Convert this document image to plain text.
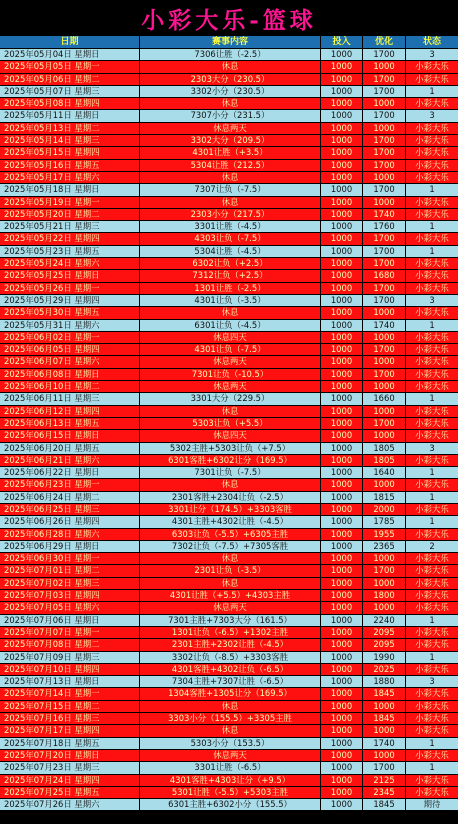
小彩大乐-篮球
日期	赛事内容	投入	优化	状态
2025年05月04日 星期日	7306让胜（-2.5）	1000	1700	3
2025年05月05日 星期一	休息	1000	1000	小彩大乐
2025年05月06日 星期二	2303大分（230.5）	1000	1700	小彩大乐
2025年05月07日 星期三	3302小分（230.5）	1000	1700	1
2025年05月08日 星期四	休息	1000	1000	小彩大乐
2025年05月11日 星期日	7307小分（231.5）	1000	1700	3
2025年05月13日 星期二	休息两天	1000	1000	小彩大乐
2025年05月14日 星期三	3302大分（209.5）	1000	1700	小彩大乐
2025年05月15日 星期四	4301让胜（+3.5）	1000	1700	小彩大乐
2025年05月16日 星期五	5304让胜（212.5）	1000	1700	小彩大乐
2025年05月17日 星期六	休息	1000	1000	小彩大乐
2025年05月18日 星期日	7307让负（-7.5）	1000	1700	1
2025年05月19日 星期一	休息	1000	1000	小彩大乐
2025年05月20日 星期二	2303小分（217.5）	1000	1740	小彩大乐
2025年05月21日 星期三	3301让胜（-4.5）	1000	1760	1
2025年05月22日 星期四	4303让负（-7.5）	1000	1700	小彩大乐
2025年05月23日 星期五	5304让胜（-4.5）	1000	1700	1
2025年05月24日 星期六	6302让负（+2.5）	1000	1700	小彩大乐
2025年05月25日 星期日	7312让负（+2.5）	1000	1680	小彩大乐
2025年05月26日 星期一	1301让胜（-2.5）	1000	1700	小彩大乐
2025年05月29日 星期四	4301让负（-3.5）	1000	1700	3
2025年05月30日 星期五	休息	1000	1000	小彩大乐
2025年05月31日 星期六	6301让负（-4.5）	1000	1740	1
2025年06月02日 星期一	休息四天	1000	1000	小彩大乐
2025年06月05日 星期四	4301让负（-7.5）	1000	1700	小彩大乐
2025年06月07日 星期六	休息两天	1000	1000	小彩大乐
2025年06月08日 星期日	7301让负（-10.5）	1000	1700	小彩大乐
2025年06月10日 星期二	休息两天	1000	1000	小彩大乐
2025年06月11日 星期三	3301大分（229.5）	1000	1660	1
2025年06月12日 星期四	休息	1000	1000	小彩大乐
2025年06月13日 星期五	5303让负（+5.5）	1000	1700	小彩大乐
2025年06月15日 星期日	休息四天	1000	1000	小彩大乐
2025年06月20日 星期五	5302主胜+5303让负（+7.5）	1000	1805	3
2025年06月21日 星期六	6301客胜+6302让分（169.5）	1000	1805	小彩大乐
2025年06月22日 星期日	7301让负（-7.5）	1000	1640	1
2025年06月23日 星期一	休息	1000	1000	小彩大乐
2025年06月24日 星期二	2301客胜+2304让负（-2.5）	1000	1815	1
2025年06月25日 星期三	3301让分（174.5）+3303客胜	1000	2000	小彩大乐
2025年06月26日 星期四	4301主胜+4302让胜（-4.5）	1000	1785	1
2025年06月28日 星期六	6303让负（-5.5）+6305主胜	1000	1955	小彩大乐
2025年06月29日 星期日	7302让负（-7.5）+7305客胜	1000	2365	2
2025年06月30日 星期一	休息	1000	1000	小彩大乐
2025年07月01日 星期二	2301让负（-3.5）	1000	1700	小彩大乐
2025年07月02日 星期三	休息	1000	1000	小彩大乐
2025年07月03日 星期四	4301让胜（+5.5）+4303主胜	1000	1800	小彩大乐
2025年07月05日 星期六	休息两天	1000	1000	小彩大乐
2025年07月06日 星期日	7301主胜+7303大分（161.5）	1000	2240	1
2025年07月07日 星期一	1301让负（-6.5）+1302主胜	1000	2095	小彩大乐
2025年07月08日 星期二	2301主胜+2302让胜（-4.5）	1000	2095	小彩大乐
2025年07月09日 星期三	3302让负（-8.5）+3303客胜	1000	1990	1
2025年07月10日 星期四	4301客胜+4302让负（-6.5）	1000	2025	小彩大乐
2025年07月13日 星期日	7304主胜+7307让胜（-6.5）	1000	1880	3
2025年07月14日 星期一	1304客胜+1305让分（169.5）	1000	1845	小彩大乐
2025年07月15日 星期二	休息	1000	1000	小彩大乐
2025年07月16日 星期三	3303小分（155.5）+3305主胜	1000	1845	小彩大乐
2025年07月17日 星期四	休息	1000	1000	小彩大乐
2025年07月18日 星期五	5303小分（153.5）	1000	1740	1
2025年07月20日 星期日	休息两天	1000	1000	小彩大乐
2025年07月23日 星期三	3301让胜（-6.5）	1000	1700	1
2025年07月24日 星期四	4301客胜+4303让分（+9.5）	1000	2125	小彩大乐
2025年07月25日 星期五	5301让胜（-5.5）+5303主胜	1000	2345	小彩大乐
2025年07月26日 星期六	6301主胜+6302小分（155.5）	1000	1845	期待
